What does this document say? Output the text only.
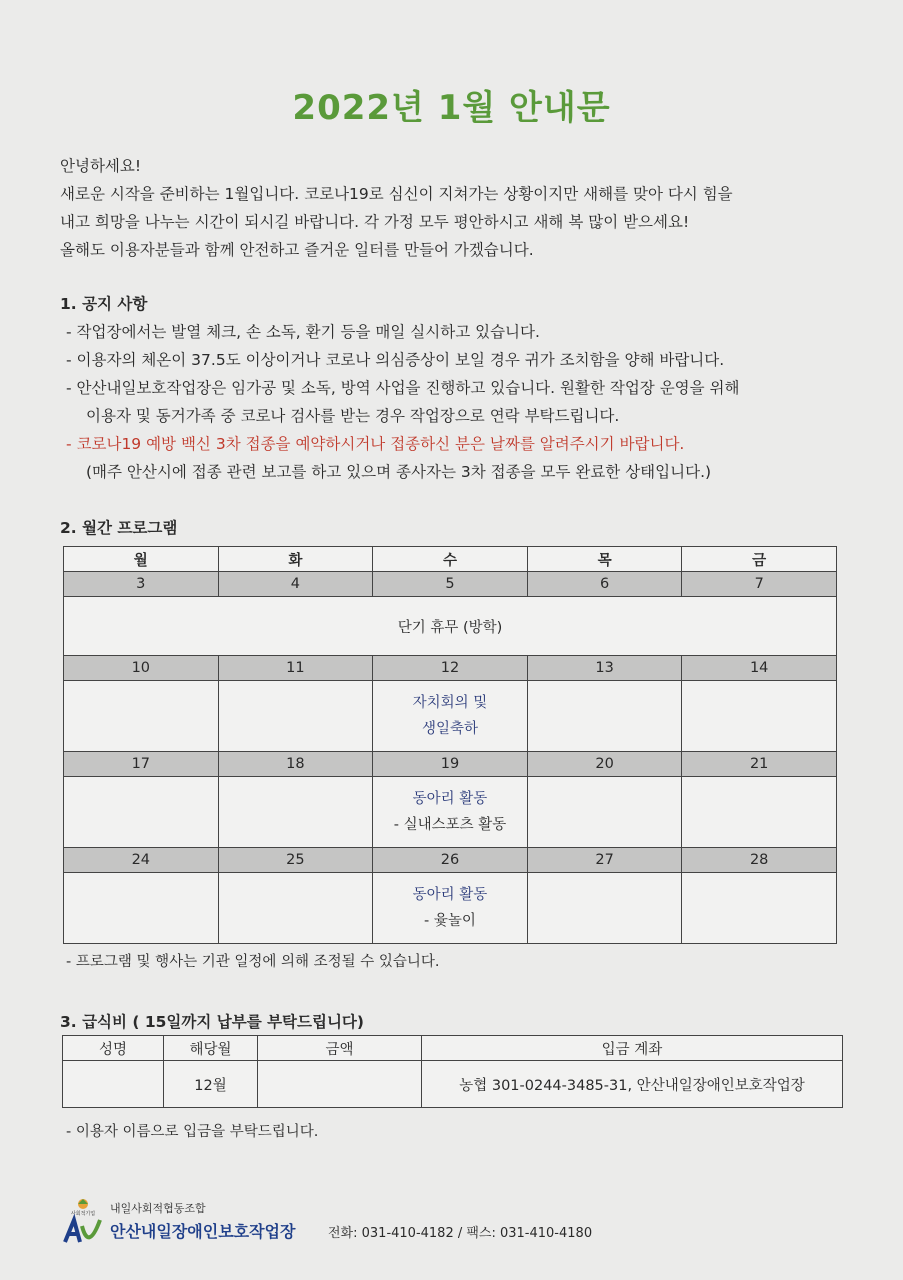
2022년 1월 안내문
안녕하세요!
새로운 시작을 준비하는 1월입니다. 코로나19로 심신이 지쳐가는 상황이지만 새해를 맞아 다시 힘을
내고 희망을 나누는 시간이 되시길 바랍니다. 각 가정 모두 평안하시고 새해 복 많이 받으세요!
올해도 이용자분들과 함께 안전하고 즐거운 일터를 만들어 가겠습니다.
1. 공지 사항
- 작업장에서는 발열 체크, 손 소독, 환기 등을 매일 실시하고 있습니다.
- 이용자의 체온이 37.5도 이상이거나 코로나 의심증상이 보일 경우 귀가 조치함을 양해 바랍니다.
- 안산내일보호작업장은 임가공 및 소독, 방역 사업을 진행하고 있습니다. 원활한 작업장 운영을 위해
이용자 및 동거가족 중 코로나 검사를 받는 경우 작업장으로 연락 부탁드립니다.
- 코로나19 예방 백신 3차 접종을 예약하시거나 접종하신 분은 날짜를 알려주시기 바랍니다.
(매주 안산시에 접종 관련 보고를 하고 있으며 종사자는 3차 접종을 모두 완료한 상태입니다.)
2. 월간 프로그램
월	화	수	목	금
3	4	5	6	7
단기 휴무 (방학)				
10	11	12	13	14

		자치회의 및
생일축하		

17	18	19	20	21

		동아리 활동
- 실내스포츠 활동		

24	25	26	27	28

		동아리 활동
- 윷놀이		

- 프로그램 및 행사는 기관 일정에 의해 조정될 수 있습니다.
3. 급식비 ( 15일까지 납부를 부탁드립니다)
성명	해당월	금액	입금 계좌
	12월		농협 301-0244-3485-31, 안산내일장애인보호작업장
- 이용자 이름으로 입금을 부탁드립니다.
사회적기업 내일사회적협동조합
안산내일장애인보호작업장	전화: 031-410-4182 / 팩스: 031-410-4180
